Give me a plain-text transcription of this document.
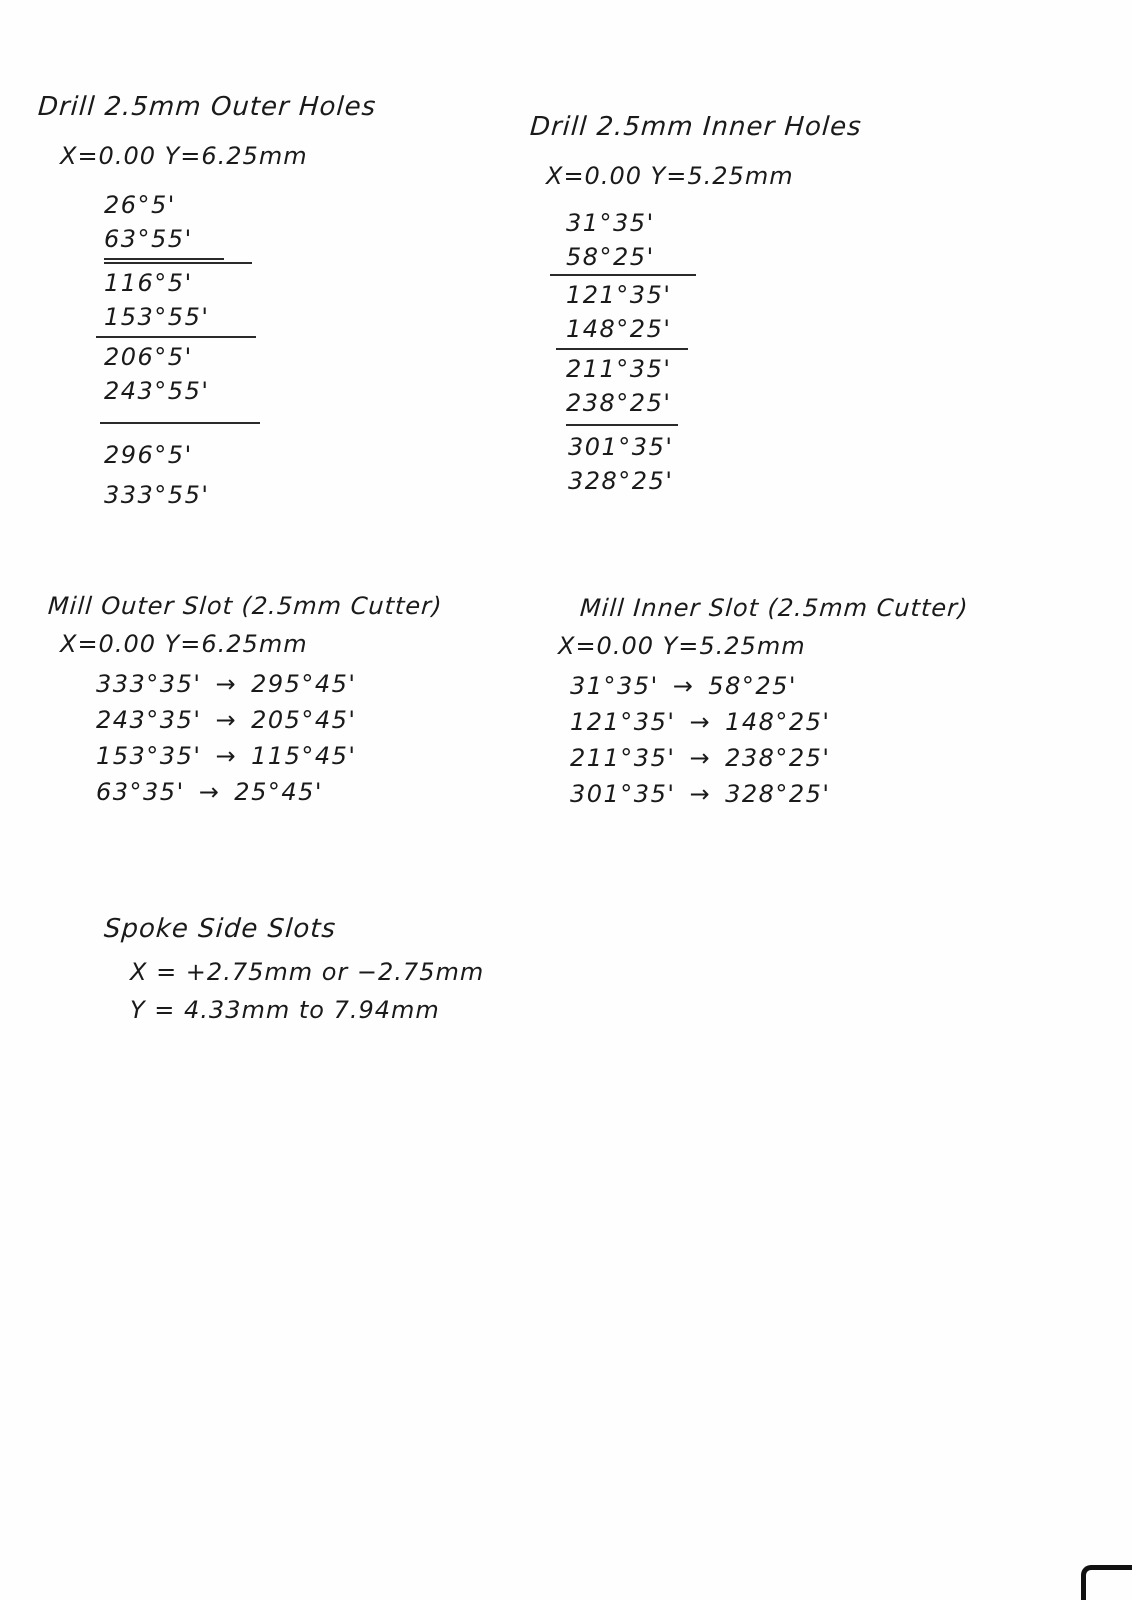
Drill 2.5mm Outer Holes
X=0.00 Y=6.25mm
26°5'
63°55'
116°5'
153°55'
206°5'
243°55'
296°5'
333°55'
Drill 2.5mm Inner Holes
X=0.00 Y=5.25mm
31°35'
58°25'
121°35'
148°25'
211°35'
238°25'
301°35'
328°25'
Mill Outer Slot (2.5mm Cutter)
X=0.00 Y=6.25mm
333°35' → 295°45'
243°35' → 205°45'
153°35' → 115°45'
63°35' → 25°45'
Mill Inner Slot (2.5mm Cutter)
X=0.00 Y=5.25mm
31°35' → 58°25'
121°35' → 148°25'
211°35' → 238°25'
301°35' → 328°25'
Spoke Side Slots
X = +2.75mm or −2.75mm
Y = 4.33mm to 7.94mm
